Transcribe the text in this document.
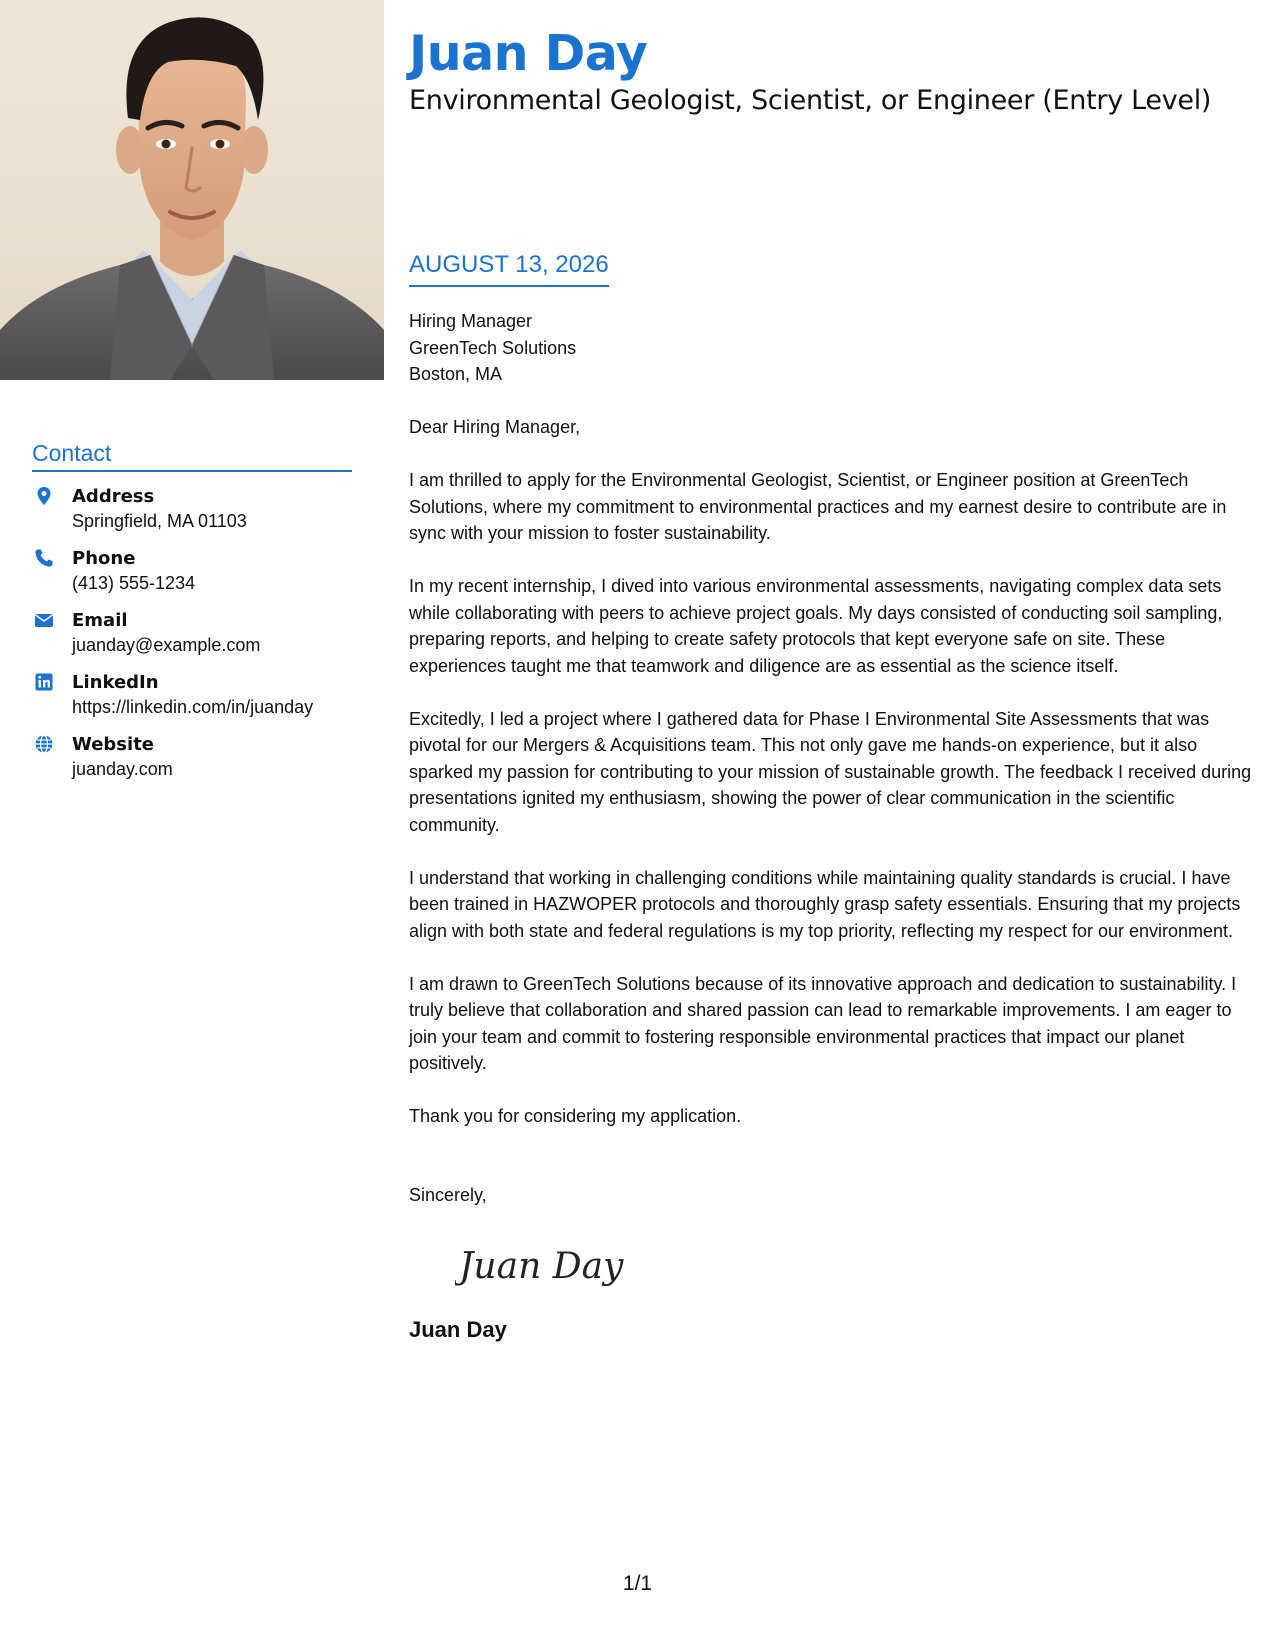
Juan Day
Environmental Geologist, Scientist, or Engineer (Entry Level)
AUGUST 13, 2026
Hiring Manager
GreenTech Solutions
Boston, MA

Dear Hiring Manager,

I am thrilled to apply for the Environmental Geologist, Scientist, or Engineer position at GreenTech Solutions, where my commitment to environmental practices and my earnest desire to contribute are in sync with your mission to foster sustainability.

In my recent internship, I dived into various environmental assessments, navigating complex data sets while collaborating with peers to achieve project goals. My days consisted of conducting soil sampling, preparing reports, and helping to create safety protocols that kept everyone safe on site. These experiences taught me that teamwork and diligence are as essential as the science itself.

Excitedly, I led a project where I gathered data for Phase I Environmental Site Assessments that was pivotal for our Mergers & Acquisitions team. This not only gave me hands-on experience, but it also sparked my passion for contributing to your mission of sustainable growth. The feedback I received during presentations ignited my enthusiasm, showing the power of clear communication in the scientific community.

I understand that working in challenging conditions while maintaining quality standards is crucial. I have been trained in HAZWOPER protocols and thoroughly grasp safety essentials. Ensuring that my projects align with both state and federal regulations is my top priority, reflecting my respect for our environment.

I am drawn to GreenTech Solutions because of its innovative approach and dedication to sustainability. I truly believe that collaboration and shared passion can lead to remarkable improvements. I am eager to join your team and commit to fostering responsible environmental practices that impact our planet positively.

Thank you for considering my application.

Sincerely,
Juan Day
Juan Day
Contact
Address
Springfield, MA 01103
Phone
(413) 555-1234
Email
juanday@example.com
LinkedIn
https://linkedin.com/in/juanday
Website
juanday.com
1/1
